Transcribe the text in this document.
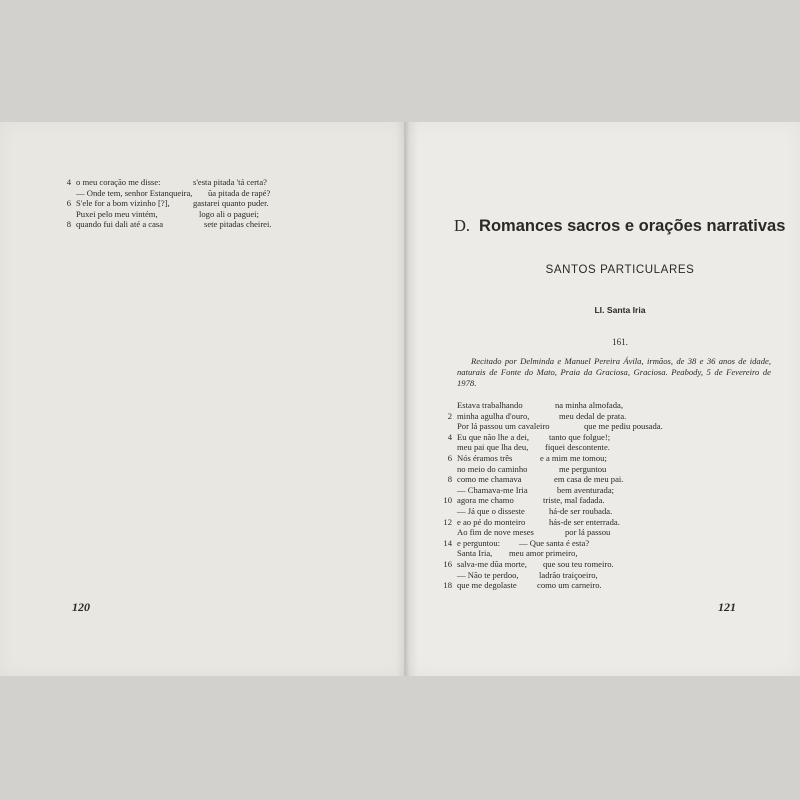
4 o meu coração me disse:	s'esta pitada 'tá certa?
— Onde tem, senhor Estanqueira,	ũa pitada de rapé?
6 S'ele for a bom vizinho [?],	gastarei quanto puder.
Puxei pelo meu vintém,	logo ali o paguei;
8 quando fui dali até a casa	sete pitadas cheirei.
120
D. Romances sacros e orações narrativas
SANTOS PARTICULARES
LI. Santa Iria
161.
Recitado por Delminda e Manuel Pereira Ávila, irmãos, de 38 e 36 anos de idade, naturais de Fonte do Mato, Praia da Graciosa, Graciosa. Peabody, 5 de Fevereiro de 1978.
Estava trabalhando	na minha almofada,
2 minha agulha d'ouro,	meu dedal de prata.
Por lá passou um cavaleiro	que me pediu pousada.
4 Eu que não lhe a dei,	tanto que folgue!;
meu pai que lha deu,	fiquei descontente.
6 Nós éramos três	e a mim me tomou;
no meio do caminho	me perguntou
8 como me chamava	em casa de meu pai.
— Chamava-me Iria	bem aventurada;
10 agora me chamo	triste, mal fadada.
— Já que o disseste	há-de ser roubada.
12 e ao pé do monteiro	hás-de ser enterrada.
Ao fim de nove meses	por lá passou
14 e perguntou:	— Que santa é esta?
Santa Iria,	meu amor primeiro,
16 salva-me dũa morte,	que sou teu romeiro.
— Não te perdoo,	ladrão traiçoeiro,
18 que me degolaste	como um carneiro.
121
